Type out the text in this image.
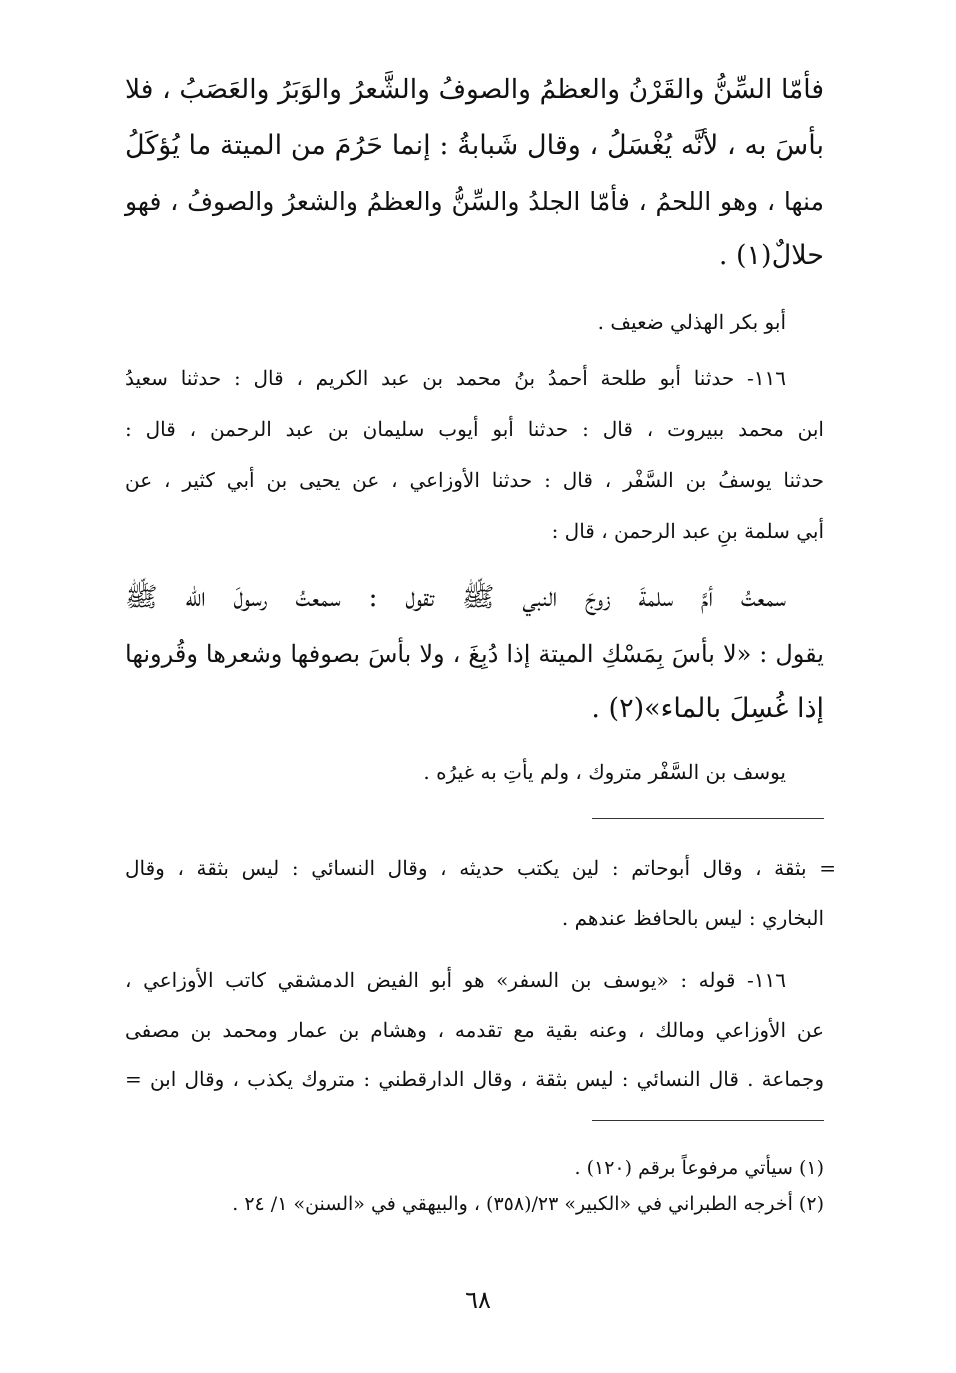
فأمّا السِّنُّ والقَرْنُ والعظمُ والصوفُ والشَّعرُ والوَبَرُ والعَصَبُ ، فلا
بأسَ به ، لأنَّه يُغْسَلُ ، وقال شَبابةُ : إنما حَرُمَ من الميتة ما يُؤكَلُ
منها ، وهو اللحمُ ، فأمّا الجلدُ والسِّنُّ والعظمُ والشعرُ والصوفُ ، فهو
حلالٌ(١) .
أبو بكر الهذلي ضعيف .
١١٦- حدثنا أبو طلحة أحمدُ بنُ محمد بن عبد الكريم ، قال : حدثنا سعيدُ
ابن محمد ببيروت ، قال : حدثنا أبو أيوب سليمان بن عبد الرحمن ، قال :
حدثنا يوسفُ بن السَّفْر ، قال : حدثنا الأوزاعي ، عن يحيى بن أبي كثير ، عن
أبي سلمة بنِ عبد الرحمن ، قال :
سمعتُ أمَّ سلمةَ زوجَ النبي ﷺ تقول : سمعتُ رسولَ الله ﷺ
يقول : «لا بأسَ بِمَسْكِ الميتة إذا دُبِغَ ، ولا بأسَ بصوفها وشعرها وقُرونها
إذا غُسِلَ بالماء»(٢) .
يوسف بن السَّفْر متروك ، ولم يأتِ به غيرُه .
= بثقة ، وقال أبوحاتم : لين يكتب حديثه ، وقال النسائي : ليس بثقة ، وقال
البخاري : ليس بالحافظ عندهم .
١١٦- قوله : «يوسف بن السفر» هو أبو الفيض الدمشقي كاتب الأوزاعي ،
عن الأوزاعي ومالك ، وعنه بقية مع تقدمه ، وهشام بن عمار ومحمد بن مصفى
وجماعة . قال النسائي : ليس بثقة ، وقال الدارقطني : متروك يكذب ، وقال ابن =
(١) سيأتي مرفوعاً برقم (١٢٠) .
(٢) أخرجه الطبراني في «الكبير» ٢٣/(٣٥٨) ، والبيهقي في «السنن» ١/ ٢٤ .
٦٨
